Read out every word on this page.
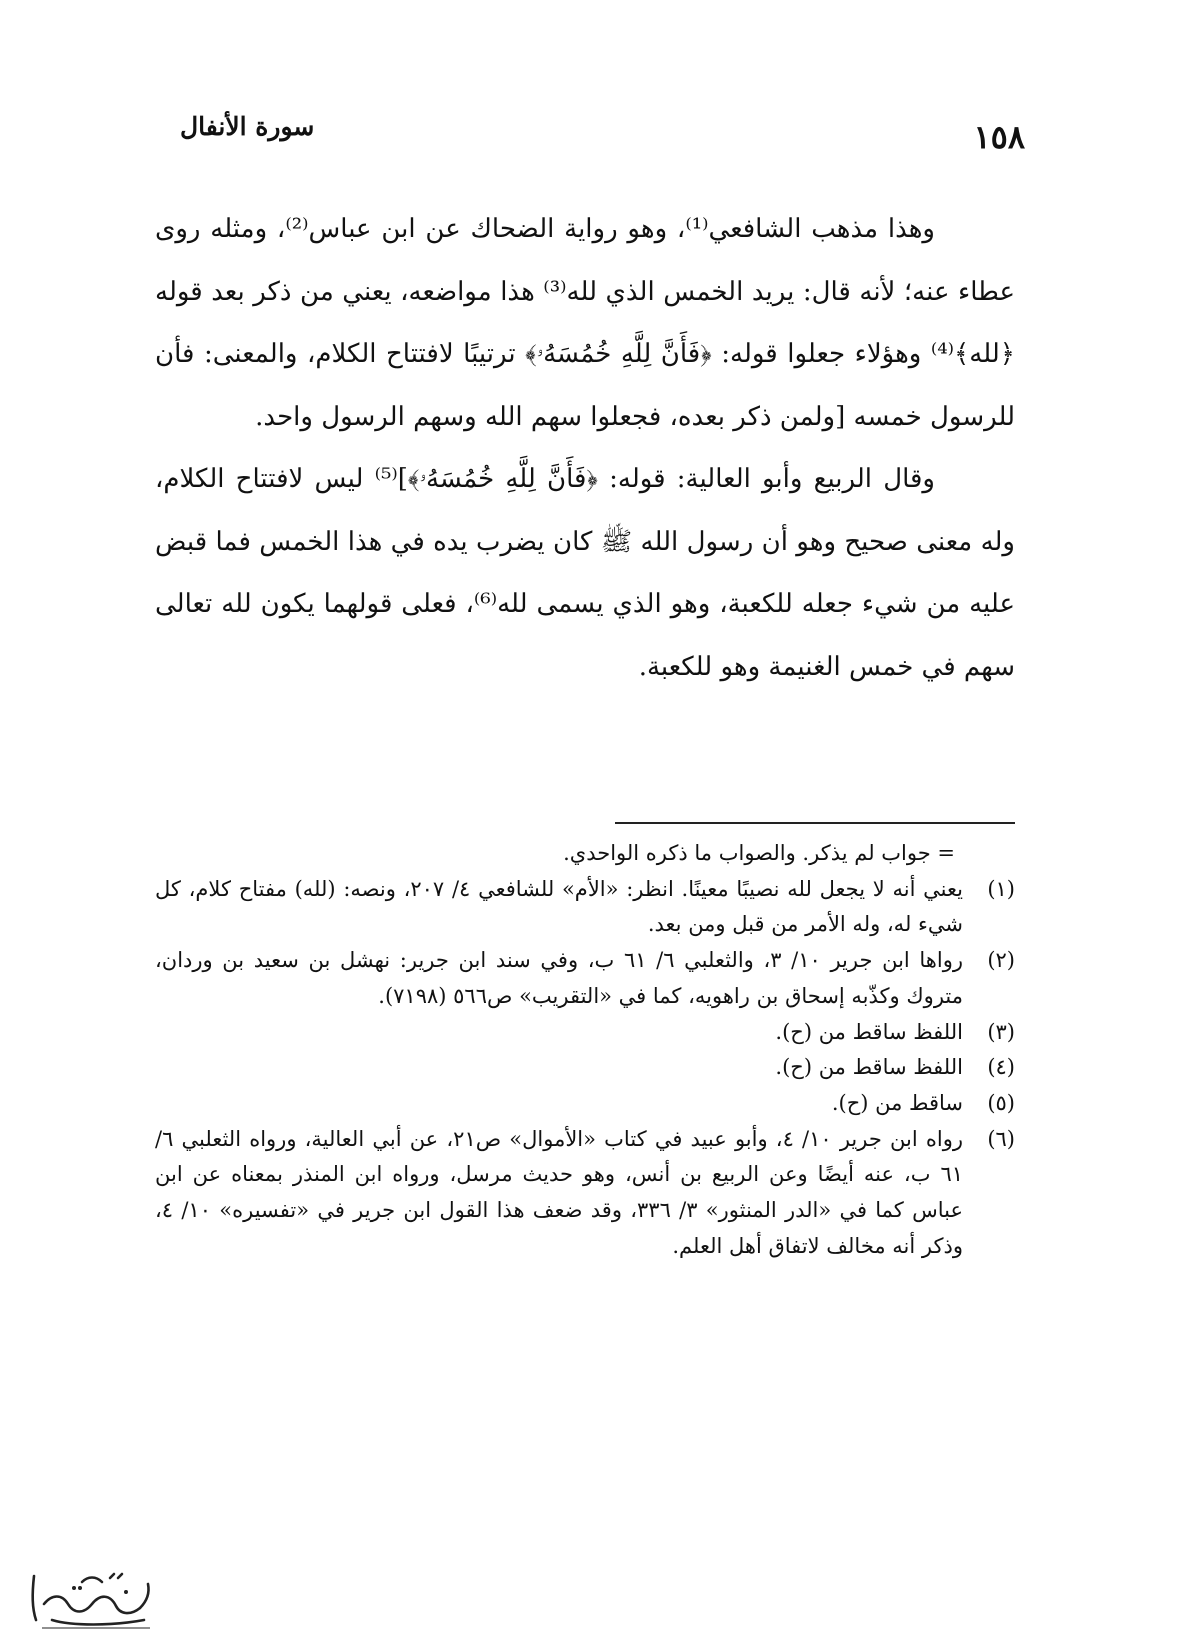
١٥٨
سورة الأنفال

وهذا مذهب الشافعي⁽¹⁾، وهو رواية الضحاك عن ابن عباس⁽²⁾، ومثله روى عطاء عنه؛ لأنه قال: يريد الخمس الذي لله⁽³⁾ هذا مواضعه، يعني من ذكر بعد قوله ﴿لله﴾⁽⁴⁾ وهؤلاء جعلوا قوله: ﴿فَأَنَّ لِلَّهِ خُمُسَهُۥ﴾ ترتيبًا لافتتاح الكلام، والمعنى: فأن للرسول خمسه [ولمن ذكر بعده، فجعلوا سهم الله وسهم الرسول واحد.

وقال الربيع وأبو العالية: قوله: ﴿فَأَنَّ لِلَّهِ خُمُسَهُۥ﴾]⁽⁵⁾ ليس لافتتاح الكلام، وله معنى صحيح وهو أن رسول الله ﷺ كان يضرب يده في هذا الخمس فما قبض عليه من شيء جعله للكعبة، وهو الذي يسمى لله⁽⁶⁾، فعلى قولهما يكون لله تعالى سهم في خمس الغنيمة وهو للكعبة.

= جواب لم يذكر. والصواب ما ذكره الواحدي.
(١)
يعني أنه لا يجعل لله نصيبًا معينًا. انظر: «الأم» للشافعي ٤/ ٢٠٧، ونصه: (لله) مفتاح كلام، كل شيء له، وله الأمر من قبل ومن بعد.
(٢)
رواها ابن جرير ١٠/ ٣، والثعلبي ٦/ ٦١ ب، وفي سند ابن جرير: نهشل بن سعيد بن وردان، متروك وكذّبه إسحاق بن راهويه، كما في «التقريب» ص٥٦٦ (٧١٩٨).
(٣)
اللفظ ساقط من (ح).
(٤)
اللفظ ساقط من (ح).
(٥)
ساقط من (ح).
(٦)
رواه ابن جرير ١٠/ ٤، وأبو عبيد في كتاب «الأموال» ص٢١، عن أبي العالية، ورواه الثعلبي ٦/ ٦١ ب، عنه أيضًا وعن الربيع بن أنس، وهو حديث مرسل، ورواه ابن المنذر بمعناه عن ابن عباس كما في «الدر المنثور» ٣/ ٣٣٦، وقد ضعف هذا القول ابن جرير في «تفسيره» ١٠/ ٤، وذكر أنه مخالف لاتفاق أهل العلم.
